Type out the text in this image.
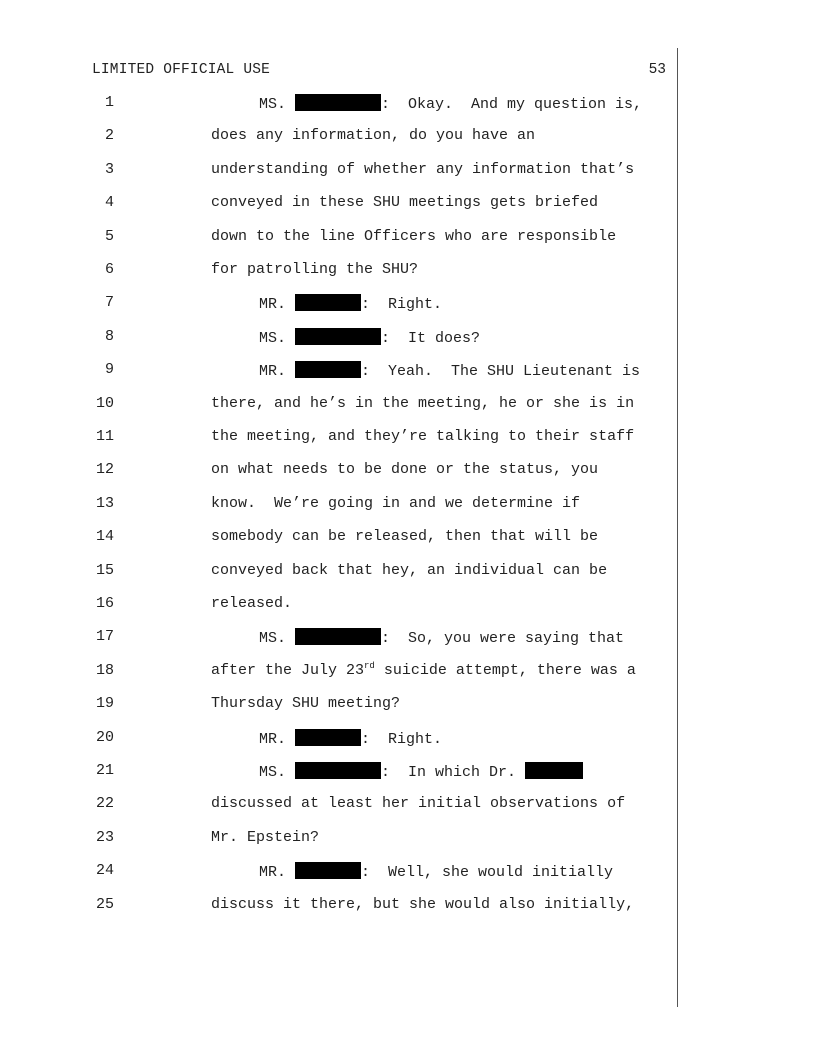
LIMITED OFFICIAL USE	53
1	MS.	:  Okay.  And my question is,
2	does any information, do you have an
3	understanding of whether any information that’s
4	conveyed in these SHU meetings gets briefed
5	down to the line Officers who are responsible
6	for patrolling the SHU?
7	MR.	:  Right.
8	MS.	:  It does?
9	MR.	:  Yeah.  The SHU Lieutenant is
10	there, and he’s in the meeting, he or she is in
11	the meeting, and they’re talking to their staff
12	on what needs to be done or the status, you
13	know.  We’re going in and we determine if
14	somebody can be released, then that will be
15	conveyed back that hey, an individual can be
16	released.
17	MS.	:  So, you were saying that
18	after the July 23rd suicide attempt, there was a
19	Thursday SHU meeting?
20	MR.	:  Right.
21	MS.	:  In which Dr.
22	discussed at least her initial observations of
23	Mr. Epstein?
24	MR.	:  Well, she would initially
25	discuss it there, but she would also initially,
